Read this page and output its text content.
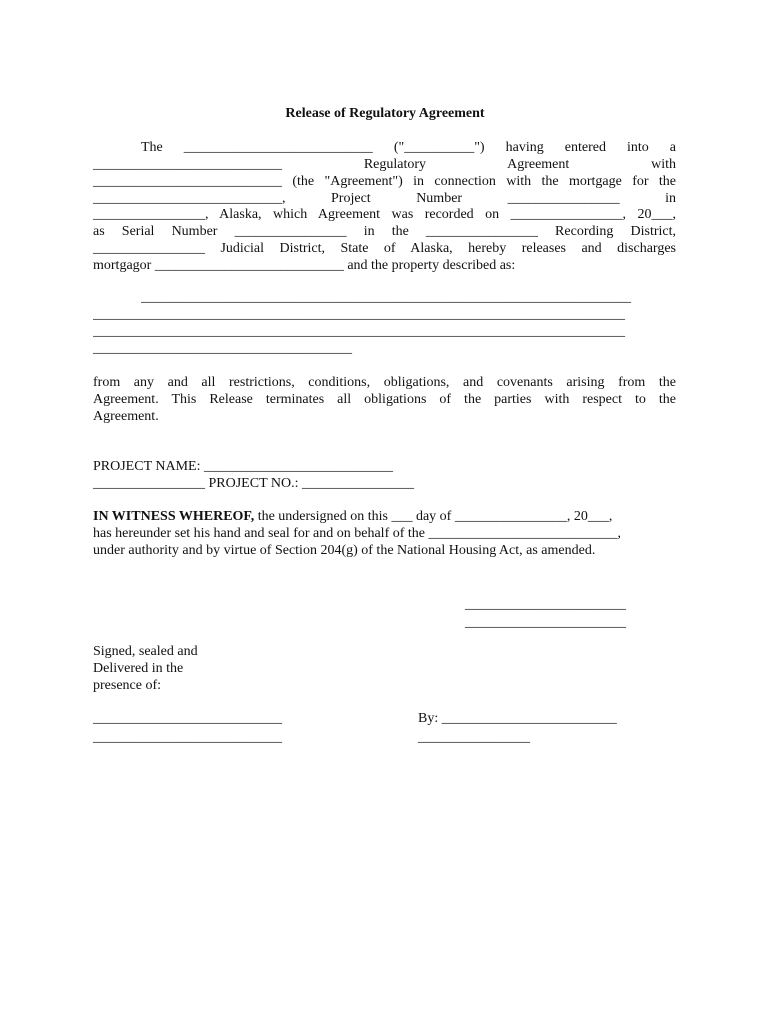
Release of Regulatory Agreement
The  ___________________________  ("__________")  having  entered  into  a
___________________________   Regulatory   Agreement   with
___________________________ (the "Agreement") in connection with the mortgage for the
___________________________,   Project   Number   ________________   in
________________, Alaska, which Agreement was recorded on ________________, 20___,
as  Serial  Number  ________________  in  the  ________________  Recording  District,
________________  Judicial  District,  State  of  Alaska,  hereby  releases  and  discharges
mortgagor ___________________________ and the property described as:
______________________________________________________________________
____________________________________________________________________________
____________________________________________________________________________
_____________________________________
from  any  and  all  restrictions,  conditions,  obligations,  and  covenants  arising  from  the
Agreement.  This  Release  terminates  all  obligations  of  the  parties  with  respect  to  the
Agreement.
PROJECT NAME: ___________________________
________________ PROJECT NO.: ________________
IN WITNESS WHEREOF, the undersigned on this ___ day of ________________, 20___,
has hereunder set his hand and seal for and on behalf of the ___________________________,
under authority and by virtue of Section 204(g) of the National Housing Act, as amended.
_______________________
_______________________
Signed, sealed and
Delivered in the
presence of:
___________________________
___________________________
By: _________________________
________________
